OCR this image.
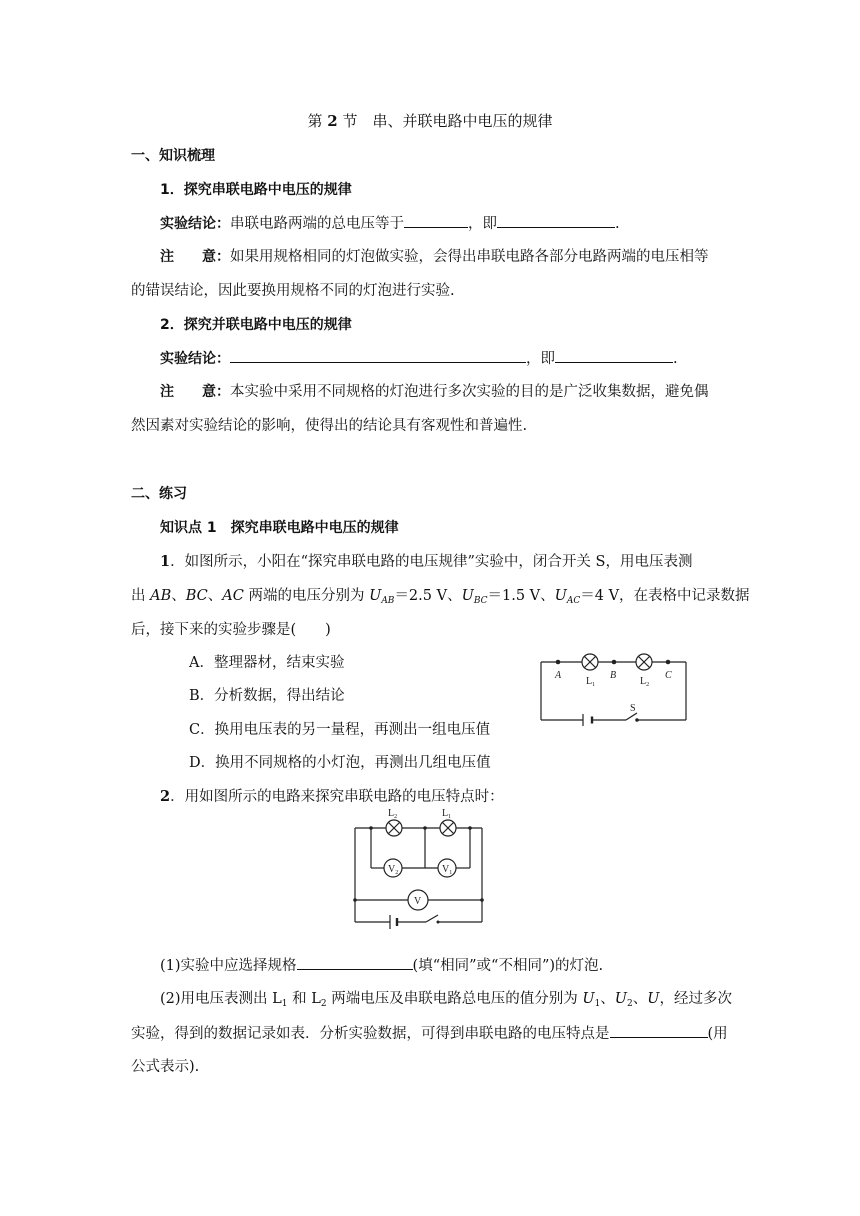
第 2 节　串、并联电路中电压的规律
一、知识梳理
1．探究串联电路中电压的规律
实验结论：串联电路两端的总电压等于	，即	.
注　　意：如果用规格相同的灯泡做实验，会得出串联电路各部分电路两端的电压相等
的错误结论，因此要换用规格不同的灯泡进行实验.
2．探究并联电路中电压的规律
实验结论：	，即	.
注　　意：本实验中采用不同规格的灯泡进行多次实验的目的是广泛收集数据，避免偶
然因素对实验结论的影响，使得出的结论具有客观性和普遍性.
二、练习
知识点 1　 探究串联电路中电压的规律
1．如图所示，小阳在“探究串联电路的电压规律”实验中，闭合开关 S，用电压表测
出 AB、BC、AC 两端的电压分别为 $U_{AB}=2.5$ V、$U_{BC}=1.5$ V、$U_{AC}=4$ V，在表格中记录数据
后，接下来的实验步骤是(　　)
A．整理器材，结束实验
B．分析数据，得出结论
C．换用电压表的另一量程，再测出一组电压值
D．换用不同规格的小灯泡，再测出几组电压值
A	B	C
$L_1$	$L_2$
S
2．用如图所示的电路来探究串联电路的电压特点时：
$L_2$	$L_1$
$V_2$	$V_1$
V
(1)实验中应选择规格	(填“相同”或“不相同”)的灯泡.
(2)用电压表测出 $L_1$ 和 $L_2$ 两端电压及串联电路总电压的值分别为 $U_1$、$U_2$、U，经过多次
实验，得到的数据记录如表．分析实验数据，可得到串联电路的电压特点是	(用
公式表示).
